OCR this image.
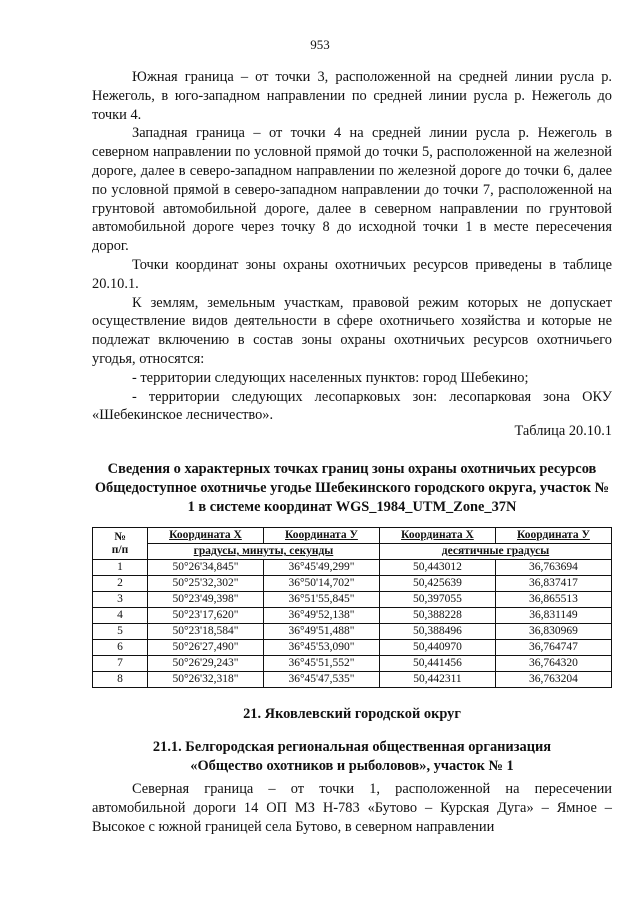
953

Южная граница – от точки 3, расположенной на средней линии русла р. Нежеголь, в юго-западном направлении по средней линии русла р. Нежеголь до точки 4.

Западная граница – от точки 4 на средней линии русла р. Нежеголь в северном направлении по условной прямой до точки 5, расположенной на железной дороге, далее в северо-западном направлении по железной дороге до точки 6, далее по условной прямой в северо-западном направлении до точки 7, расположенной на грунтовой автомобильной дороге, далее в северном направлении по грунтовой автомобильной дороге через точку 8 до исходной точки 1 в месте пересечения дорог.

Точки координат зоны охраны охотничьих ресурсов приведены в таблице 20.10.1.

К землям, земельным участкам, правовой режим которых не допускает осуществление видов деятельности в сфере охотничьего хозяйства и которые не подлежат включению в состав зоны охраны охотничьих ресурсов охотничьего угодья, относятся:

- территории следующих населенных пунктов: город Шебекино;

- территории следующих лесопарковых зон: лесопарковая зона ОКУ «Шебекинское лесничество».

Таблица 20.10.1
Сведения о характерных точках границ зоны охраны охотничьих ресурсов Общедоступное охотничье угодье Шебекинского городского округа, участок № 1 в системе координат WGS_1984_UTM_Zone_37N
№
п/п	Координата X	Координата У	Координата X	Координата У
	градусы, минуты, секунды		десятичные градусы	
1	50°26'34,845"	36°45'49,299"	50,443012	36,763694
2	50°25'32,302"	36°50'14,702"	50,425639	36,837417
3	50°23'49,398"	36°51'55,845"	50,397055	36,865513
4	50°23'17,620"	36°49'52,138"	50,388228	36,831149
5	50°23'18,584"	36°49'51,488"	50,388496	36,830969
6	50°26'27,490"	36°45'53,090"	50,440970	36,764747
7	50°26'29,243"	36°45'51,552"	50,441456	36,764320
8	50°26'32,318"	36°45'47,535"	50,442311	36,763204
21. Яковлевский городской округ
21.1. Белгородская региональная общественная организация
«Общество охотников и рыболовов», участок № 1
Северная граница – от точки 1, расположенной на пересечении автомобильной дороги 14 ОП МЗ Н-783 «Бутово – Курская Дуга» – Ямное – Высокое с южной границей села Бутово, в северном направлении
